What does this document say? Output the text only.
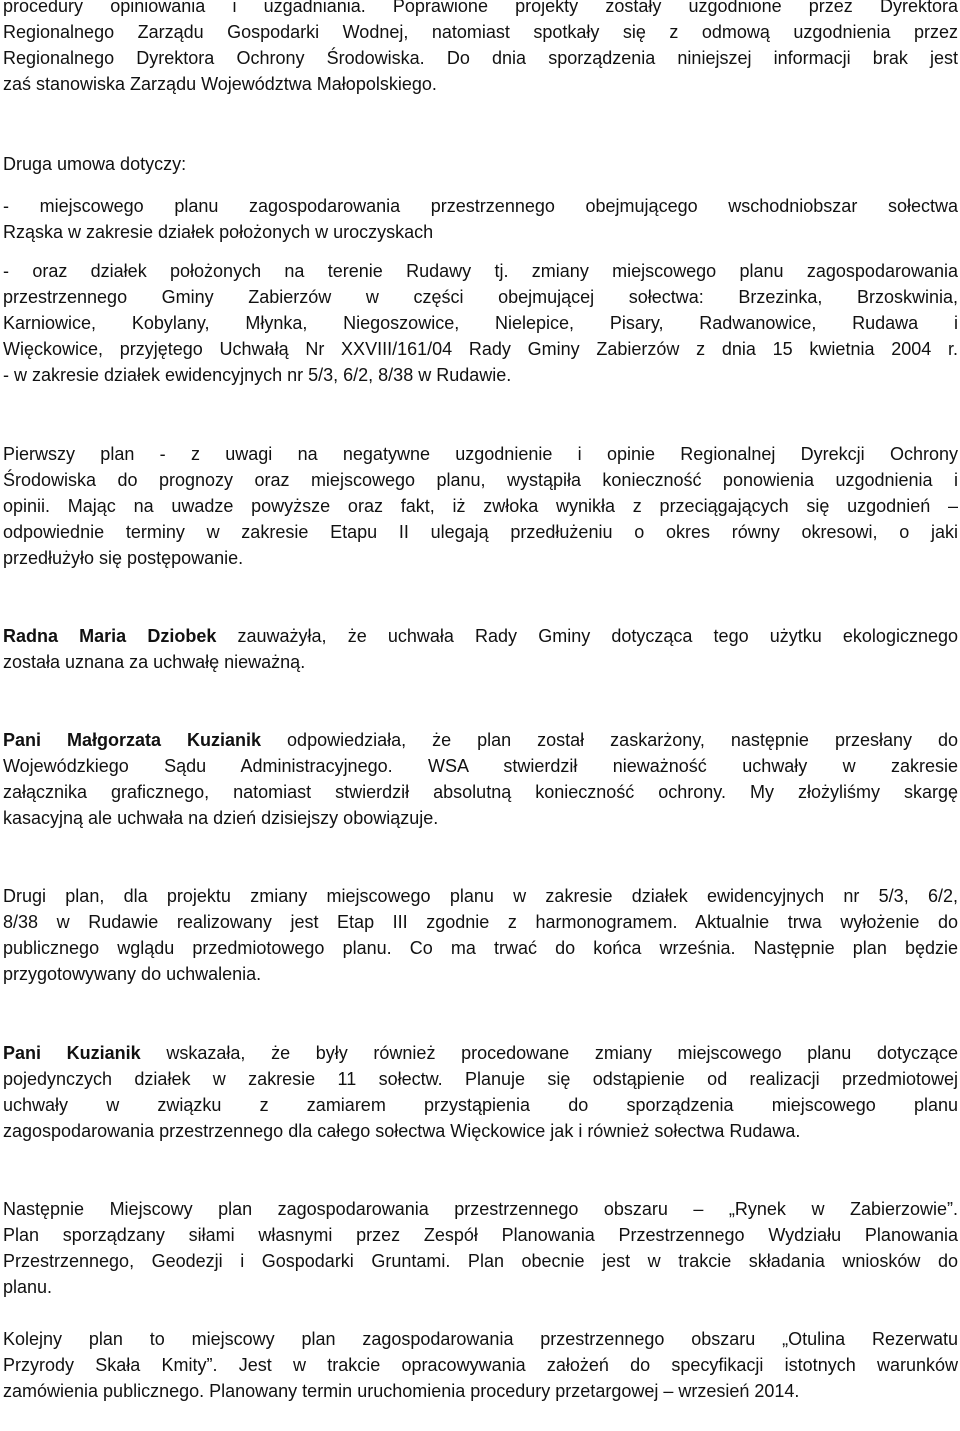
procedury opiniowania i uzgadniania. Poprawione projekty zostały uzgodnione przez Dyrektora
Regionalnego Zarządu Gospodarki Wodnej, natomiast spotkały się z odmową uzgodnienia przez
Regionalnego Dyrektora Ochrony Środowiska. Do dnia sporządzenia niniejszej informacji brak jest
zaś stanowiska Zarządu Województwa Małopolskiego.
Druga umowa dotyczy:
- miejscowego planu zagospodarowania przestrzennego obejmującego wschodniobszar sołectwa
Rząska w zakresie działek położonych w uroczyskach
- oraz działek położonych na terenie Rudawy tj. zmiany miejscowego planu zagospodarowania
przestrzennego Gminy Zabierzów w części obejmującej sołectwa: Brzezinka, Brzoskwinia,
Karniowice, Kobylany, Młynka, Niegoszowice, Nielepice, Pisary, Radwanowice, Rudawa i
Więckowice, przyjętego Uchwałą Nr XXVIII/161/04 Rady Gminy Zabierzów z dnia 15 kwietnia 2004 r.
- w zakresie działek ewidencyjnych nr 5/3, 6/2, 8/38 w Rudawie.
Pierwszy plan - z uwagi na negatywne uzgodnienie i opinie Regionalnej Dyrekcji Ochrony
Środowiska do prognozy oraz miejscowego planu, wystąpiła konieczność ponowienia uzgodnienia i
opinii. Mając na uwadze powyższe oraz fakt, iż zwłoka wynikła z przeciągających się uzgodnień –
odpowiednie terminy w zakresie Etapu II ulegają przedłużeniu o okres równy okresowi, o jaki
przedłużyło się postępowanie.
Radna Maria Dziobek zauważyła, że uchwała Rady Gminy dotycząca tego użytku ekologicznego
została uznana za uchwałę nieważną.
Pani Małgorzata Kuzianik odpowiedziała, że plan został zaskarżony, następnie przesłany do
Wojewódzkiego Sądu Administracyjnego. WSA stwierdził nieważność uchwały w zakresie
załącznika graficznego, natomiast stwierdził absolutną konieczność ochrony. My złożyliśmy skargę
kasacyjną ale uchwała na dzień dzisiejszy obowiązuje.
Drugi plan, dla projektu zmiany miejscowego planu w zakresie działek ewidencyjnych nr 5/3, 6/2,
8/38 w Rudawie realizowany jest Etap III zgodnie z harmonogramem. Aktualnie trwa wyłożenie do
publicznego wglądu przedmiotowego planu. Co ma trwać do końca września. Następnie plan będzie
przygotowywany do uchwalenia.
Pani Kuzianik wskazała, że były również procedowane zmiany miejscowego planu dotyczące
pojedynczych działek w zakresie 11 sołectw. Planuje się odstąpienie od realizacji przedmiotowej
uchwały w związku z zamiarem przystąpienia do sporządzenia miejscowego planu
zagospodarowania przestrzennego dla całego sołectwa Więckowice jak i również sołectwa Rudawa.
Następnie Miejscowy plan zagospodarowania przestrzennego obszaru – „Rynek w Zabierzowie”.
Plan sporządzany siłami własnymi przez Zespół Planowania Przestrzennego Wydziału Planowania
Przestrzennego, Geodezji i Gospodarki Gruntami. Plan obecnie jest w trakcie składania wniosków do
planu.
Kolejny plan to miejscowy plan zagospodarowania przestrzennego obszaru „Otulina Rezerwatu
Przyrody Skała Kmity”. Jest w trakcie opracowywania założeń do specyfikacji istotnych warunków
zamówienia publicznego. Planowany termin uruchomienia procedury przetargowej – wrzesień 2014.
